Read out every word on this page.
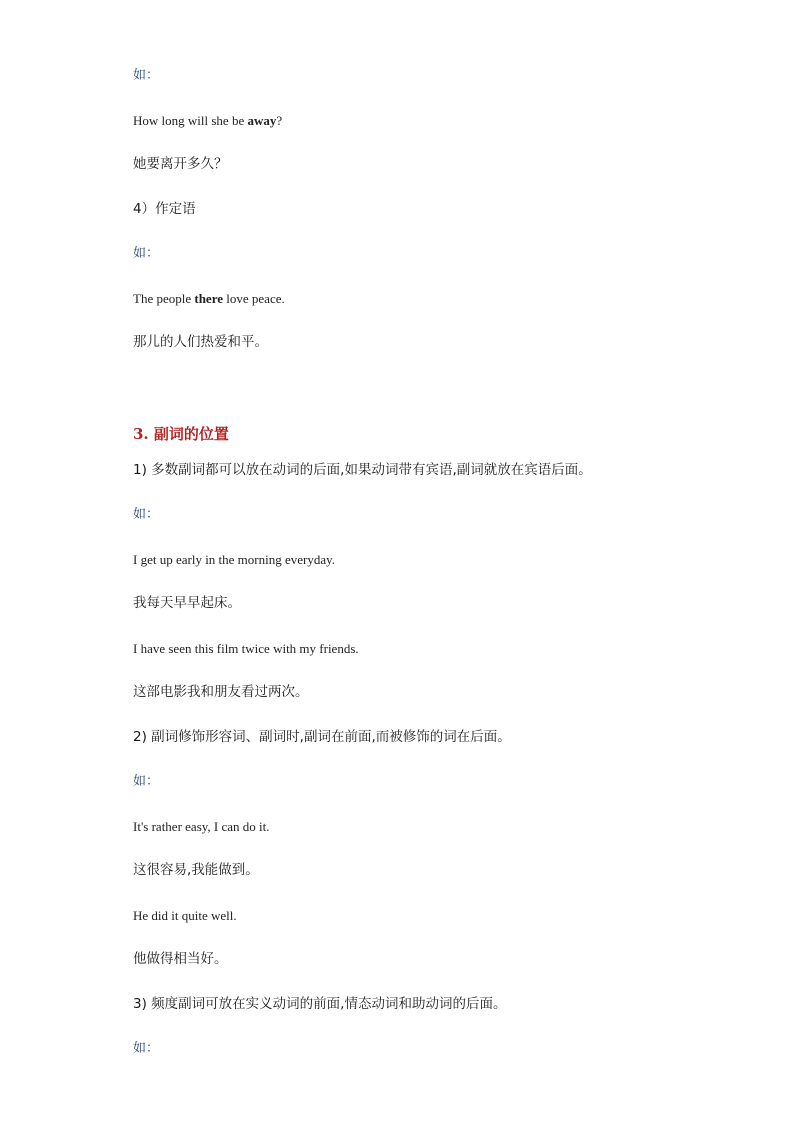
如：
How long will she be away?
她要离开多久？
4）作定语
如：
The people there love peace.
那儿的人们热爱和平。
3. 副词的位置
1) 多数副词都可以放在动词的后面,如果动词带有宾语,副词就放在宾语后面。
如：
I get up early in the morning everyday.
我每天早早起床。
I have seen this film twice with my friends.
这部电影我和朋友看过两次。
2) 副词修饰形容词、副词时,副词在前面,而被修饰的词在后面。
如：
It's rather easy, I can do it.
这很容易,我能做到。
He did it quite well.
他做得相当好。
3) 频度副词可放在实义动词的前面,情态动词和助动词的后面。
如：
